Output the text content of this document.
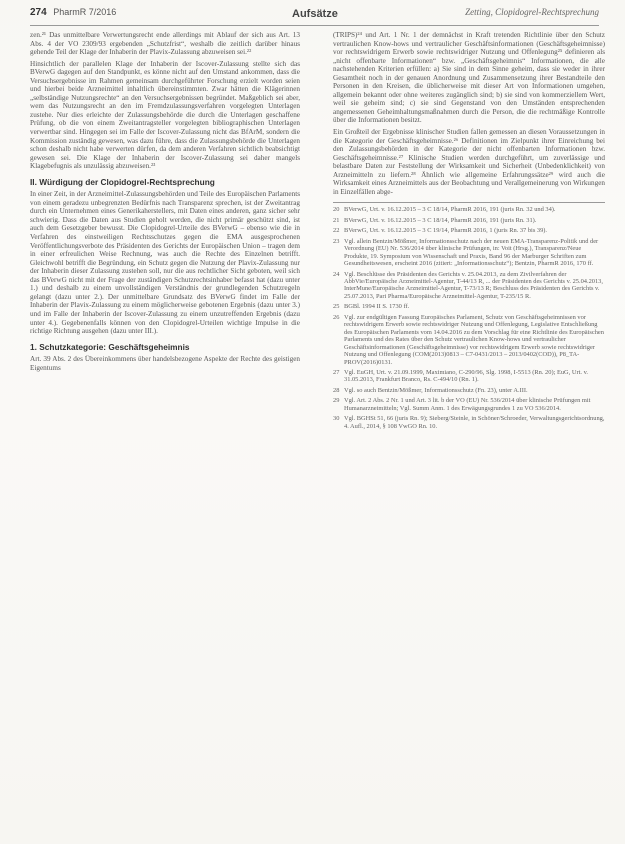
274 PharmR 7/2016	Aufsätze	Zetting, Clopidogrel-Rechtsprechung

zen.²¹ Das unmittelbare Verwertungsrecht ende allerdings mit Ablauf der sich aus Art. 13 Abs. 4 der VO 2309/93 ergebenden „Schutzfrist“, weshalb die zeitlich darüber hinaus gehende Teil der Klage der Inhaberin der Plavix-Zulassung abzuweisen sei.²²

Hinsichtlich der parallelen Klage der Inhaberin der Iscover-Zulassung stellte sich das BVerwG dagegen auf den Standpunkt, es könne nicht auf den Umstand ankommen, dass die Versuchsergebnisse im Rahmen gemeinsam durchgeführter Forschung erzielt worden seien und hierbei beide Arzneimittel inhaltlich übereinstimmten. Zwar hätten die Klägerinnen „selbständige Nutzungsrechte“ an den Versuchsergebnissen begründet. Maßgeblich sei aber, wem das Nutzungsrecht an den im Fremdzulassungsverfahren vorgelegten Unterlagen zustehe. Nur dies erleichte der Zulassungsbehörde die durch die Unterlagen geschaffene Prüfung, ob die von einem Zweitantragsteller vorgelegten bibliographischen Unterlagen verwertbar sind. Hingegen sei im Falle der Iscover-Zulassung nicht das BfArM, sondern die Kommission zuständig gewesen, was dazu führe, dass die Zulassungsbehörde die Unterlagen schon deshalb nicht habe verwerten dürfen, da dem anderen Verfahren sichtlich beabsichtigt gewesen sei. Die Klage der Inhaberin der Iscover-Zulassung sei daher mangels Klagebefugnis als unzulässig abzuweisen.²³

II. Würdigung der Clopidogrel-Rechtsprechung

In einer Zeit, in der Arzneimittel-Zulassungsbehörden und Teile des Europäischen Parlaments von einem geradezu unbegrenzten Bedürfnis nach Transparenz sprechen, ist der Zweitantrag durch ein Unternehmen eines Generikaherstellers, mit Daten eines anderen, ganz sicher sehr schwierig. Dass die Daten aus Studien geholt werden, die nicht primär geschützt sind, ist auch dem Gesetzgeber bewusst. Die Clopidogrel-Urteile des BVerwG – ebenso wie die in Verfahren des einstweiligen Rechtsschutzes gegen die EMA ausgesprochenen Veröffentlichungsverbote des Präsidenten des Gerichts der Europäischen Union – tragen dem in einer erfreulichen Weise Rechnung, was auch die Rechte des Einzelnen betrifft. Gleichwohl betrifft die Begründung, ein Schutz gegen die Nutzung der Plavix-Zulassung nur der Inhaberin dieser Zulassung zustehen soll, nur die aus rechtlicher Sicht geboten, weil sich das BVerwG nicht mit der Frage der zuständigen Schutzrechtsinhaber befasst hat (dazu unter 1.) und deshalb zu einem unvollständigen Verständnis der grundlegenden Schutzregeln gelangt (dazu unter 2.). Der unmittelbare Grundsatz des BVerwG findet im Falle der Inhaberin der Plavix-Zulassung zu einem möglicherweise gebotenen Ergebnis (dazu unter 3.) und im Falle der Inhaberin der Iscover-Zulassung zu einem unzutreffenden Ergebnis (dazu unter 4.). Gegebenenfalls können von den Clopidogrel-Urteilen wichtige Impulse in die richtige Richtung ausgehen (dazu unter III.).

1. Schutzkategorie: Geschäftsgeheimnis

Art. 39 Abs. 2 des Übereinkommens über handelsbezogene Aspekte der Rechte des geistigen Eigentums

(TRIPS)²⁴ und Art. 1 Nr. 1 der demnächst in Kraft tretenden Richtlinie über den Schutz vertraulichen Know-hows und vertraulicher Geschäftsinformationen (Geschäftsgeheimnisse) vor rechtswidrigem Erwerb sowie rechtswidriger Nutzung und Offenlegung²⁵ definieren als „nicht offenbarte Informationen“ bzw. „Geschäftsgeheimnis“ Informationen, die alle nachstehenden Kriterien erfüllen: a) Sie sind in dem Sinne geheim, dass sie weder in ihrer Gesamtheit noch in der genauen Anordnung und Zusammensetzung ihrer Bestandteile den Personen in den Kreisen, die üblicherweise mit dieser Art von Informationen umgehen, allgemein bekannt oder ohne weiteres zugänglich sind; b) sie sind von kommerziellem Wert, weil sie geheim sind; c) sie sind Gegenstand von den Umständen entsprechenden angemessenen Geheimhaltungsmaßnahmen durch die Person, die die rechtmäßige Kontrolle über die Informationen besitzt.

Ein Großteil der Ergebnisse klinischer Studien fallen gemessen an diesen Voraussetzungen in die Kategorie der Geschäftsgeheimnisse.²⁶ Definitionen im Zielpunkt ihrer Einreichung bei den Zulassungsbehörden in der Kategorie der nicht offenbarten Informationen bzw. Geschäftsgeheimnisse.²⁷ Klinische Studien werden durchgeführt, um zuverlässige und belastbare Daten zur Feststellung der Wirksamkeit und Sicherheit (Unbedenklichkeit) von Arzneimitteln zu liefern.²⁸ Ähnlich wie allgemeine Erfahrungssätze²⁹ wird auch die Wirksamkeit eines Arzneimittels aus der Beobachtung und Verallgemeinerung von Wirkungen in Einzelfällen abge-

20 BVerwG, Urt. v. 16.12.2015 – 3 C 18/14, PharmR 2016, 191 (juris Rn. 32 und 34).

21 BVerwG, Urt. v. 16.12.2015 – 3 C 18/14, PharmR 2016, 191 (juris Rn. 31).

22 BVerwG, Urt. v. 16.12.2015 – 3 C 19/14, PharmR 2016, 1 (juris Rn. 37 bis 39).

23 Vgl. allein Bentzin/Mößmer, Informationsschutz nach der neuen EMA-Transparenz-Politik und der Verordnung (EU) Nr. 536/2014 über klinische Prüfungen, in: Voit (Hrsg.), Transparenz/Neue Produkte, 19. Symposium von Wissenschaft und Praxis, Band 96 der Marburger Schriften zum Gesundheitswesen, erscheint 2016 (zitiert: „Informationsschutz“); Bentzin, PharmR 2016, 170 ff.

24 Vgl. Beschlüsse des Präsidenten des Gerichts v. 25.04.2013, zu dem Zivilverfahren der AbbVie/Europäische Arzneimittel-Agentur, T-44/13 R, ... der Präsidenten des Gerichts v. 25.04.2013, InterMune/Europäische Arzneimittel-Agentur, T-73/13 R; Beschluss des Präsidenten des Gerichts v. 25.07.2013, Pari Pharma/Europäische Arzneimittel-Agentur, T-235/15 R.

25 BGBl. 1994 II S. 1730 ff.

26 Vgl. zur endgültigen Fassung Europäisches Parlament, Schutz von Geschäftsgeheimnissen vor rechtswidrigem Erwerb sowie rechtswidriger Nutzung und Offenlegung, Legislative Entschließung des Europäischen Parlaments vom 14.04.2016 zu dem Vorschlag für eine Richtlinie des Europäischen Parlaments und des Rates über den Schutz vertraulichen Know-hows und vertraulicher Geschäftsinformationen (Geschäftsgeheimnisse) vor rechtswidrigem Erwerb sowie rechtswidriger Nutzung und Offenlegung (COM(2013)0813 – C7-0431/2013 – 2013/0402(COD)), P8_TA-PROV(2016)0131.

27 Vgl. EuGH, Urt. v. 21.09.1999, Maximiano, C-290/96, Slg. 1998, I-5513 (Rn. 20); EuG, Urt. v. 31.05.2013, Frankfurt Branco, Rs. C-494/10 (Rn. 1).

28 Vgl. so auch Bentzin/Mößmer, Informationsschutz (Fn. 23), unter A.III.

29 Vgl. Art. 2 Abs. 2 Nr. 1 und Art. 3 lit. b der VO (EU) Nr. 536/2014 über klinische Prüfungen mit Humanarzneimitteln; Vgl. Summ Anm. 1 des Erwägungsgrundes 1 zu VO 536/2014.

30 Vgl. BGHSt 51, 66 (juris Rn. 9); Sieberg/Steinle, in Schöner/Schroeder, Verwaltungsgerichtsordnung, 4. Aufl., 2014, § 108 VwGO Rn. 10.
